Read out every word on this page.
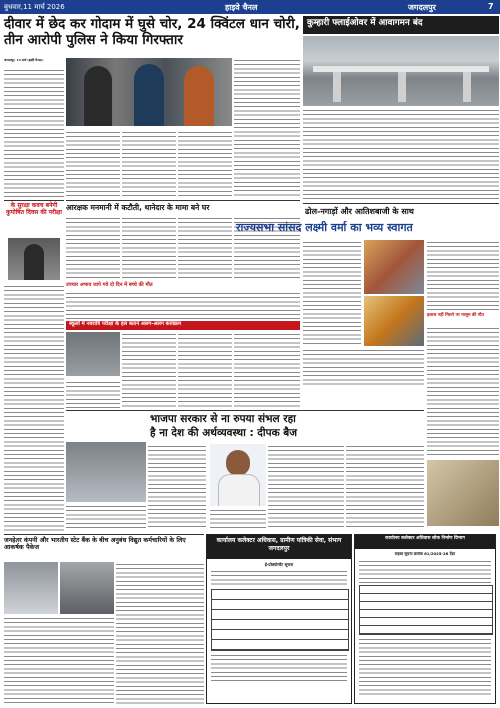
बुधवार,11 मार्च 2026	हाइवे चैनल	जगदलपुर	7
दीवार में छेद कर गोदाम में घुसे चोर, 24 क्विंटल धान चोरी, तीन आरोपी पुलिस ने किया गिरफ्तार
कुम्हारी फ्लाईओवर में आवागमन बंद

जगदलपुर, 10 मार्च (हाईवे चैनल)।

के सुरक्षा कवच बनेगी कुपोषित दिवस की परीक्षा
आरक्षक मनमानी में कटौती, थानेदार के मामा बने घर
उपचार अभाव जापे गये दो दिन में बच्चे की मौत
स्कूलों में नवरात्रि परीक्षा के हल बताने अलग-अलग कार्यक्रम
ढोल-नगाड़ों और आतिशबाजी के साथ
राज्यसभा सांसद लक्ष्मी वर्मा का भव्य स्वागत
इलाज नहीं मिलने पर मासूम की मौत
भाजपा सरकार से ना रुपया संभल रहा
है ना देश की अर्थव्यवस्था : दीपक बैज
जनहेतर कंपनी और भारतीय स्टेट बैंक के बीच अनुबंध विद्युत कर्मचारियों के लिए आकर्षक पैकेज
कार्यालय कलेक्टर अधिवास, ग्रामीण यांत्रिकी सेवा, संभाग जगदलपुर
ई-प्रोक्योरमेंट सूचना
कार्यालय कलेक्टर अधिवास लोक निर्माण विभाग
सहस्त्र सूचना क्रमांक 61/2025-26 टेंडर
